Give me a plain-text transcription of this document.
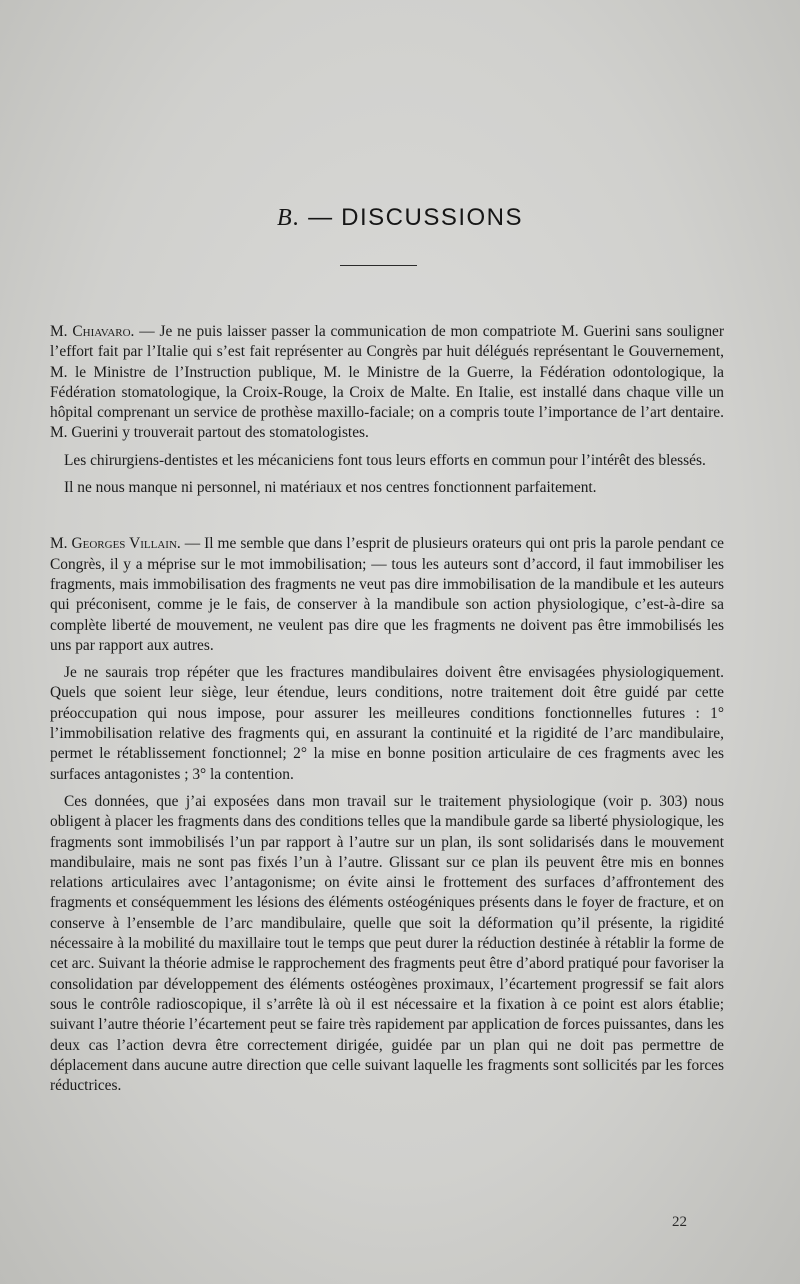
B. — DISCUSSIONS

M. Chiavaro. — Je ne puis laisser passer la communication de mon compatriote M. Guerini sans souligner l’effort fait par l’Italie qui s’est fait représenter au Congrès par huit délégués représentant le Gouvernement, M. le Ministre de l’Instruction publique, M. le Ministre de la Guerre, la Fédération odontologique, la Fédération stomatologique, la Croix-Rouge, la Croix de Malte. En Italie, est installé dans chaque ville un hôpital comprenant un service de prothèse maxillo-faciale; on a compris toute l’importance de l’art dentaire. M. Guerini y trouverait partout des stomatologistes.

Les chirurgiens-dentistes et les mécaniciens font tous leurs efforts en commun pour l’intérêt des blessés.

Il ne nous manque ni personnel, ni matériaux et nos centres fonctionnent parfaitement.

M. Georges Villain. — Il me semble que dans l’esprit de plusieurs orateurs qui ont pris la parole pendant ce Congrès, il y a méprise sur le mot immobilisation; — tous les auteurs sont d’accord, il faut immobiliser les fragments, mais immobilisation des fragments ne veut pas dire immobilisation de la mandibule et les auteurs qui préconisent, comme je le fais, de conserver à la mandibule son action physiologique, c’est-à-dire sa complète liberté de mouvement, ne veulent pas dire que les fragments ne doivent pas être immobilisés les uns par rapport aux autres.

Je ne saurais trop répéter que les fractures mandibulaires doivent être envisagées physiologiquement. Quels que soient leur siège, leur étendue, leurs conditions, notre traitement doit être guidé par cette préoccupation qui nous impose, pour assurer les meilleures conditions fonctionnelles futures : 1° l’immobilisation relative des fragments qui, en assurant la continuité et la rigidité de l’arc mandibulaire, permet le rétablissement fonctionnel; 2° la mise en bonne position articulaire de ces fragments avec les surfaces antagonistes ; 3° la contention.

Ces données, que j’ai exposées dans mon travail sur le traitement physiologique (voir p. 303) nous obligent à placer les fragments dans des conditions telles que la mandibule garde sa liberté physiologique, les fragments sont immobilisés l’un par rapport à l’autre sur un plan, ils sont solidarisés dans le mouvement mandibulaire, mais ne sont pas fixés l’un à l’autre. Glissant sur ce plan ils peuvent être mis en bonnes relations articulaires avec l’antagonisme; on évite ainsi le frottement des surfaces d’affrontement des fragments et conséquemment les lésions des éléments ostéogéniques présents dans le foyer de fracture, et on conserve à l’ensemble de l’arc mandibulaire, quelle que soit la déformation qu’il présente, la rigidité nécessaire à la mobilité du maxillaire tout le temps que peut durer la réduction destinée à rétablir la forme de cet arc. Suivant la théorie admise le rapprochement des fragments peut être d’abord pratiqué pour favoriser la consolidation par développement des éléments ostéogènes proximaux, l’écartement progressif se fait alors sous le contrôle radioscopique, il s’arrête là où il est nécessaire et la fixation à ce point est alors établie; suivant l’autre théorie l’écartement peut se faire très rapidement par application de forces puissantes, dans les deux cas l’action devra être correctement dirigée, guidée par un plan qui ne doit pas permettre de déplacement dans aucune autre direction que celle suivant laquelle les fragments sont sollicités par les forces réductrices.

22
